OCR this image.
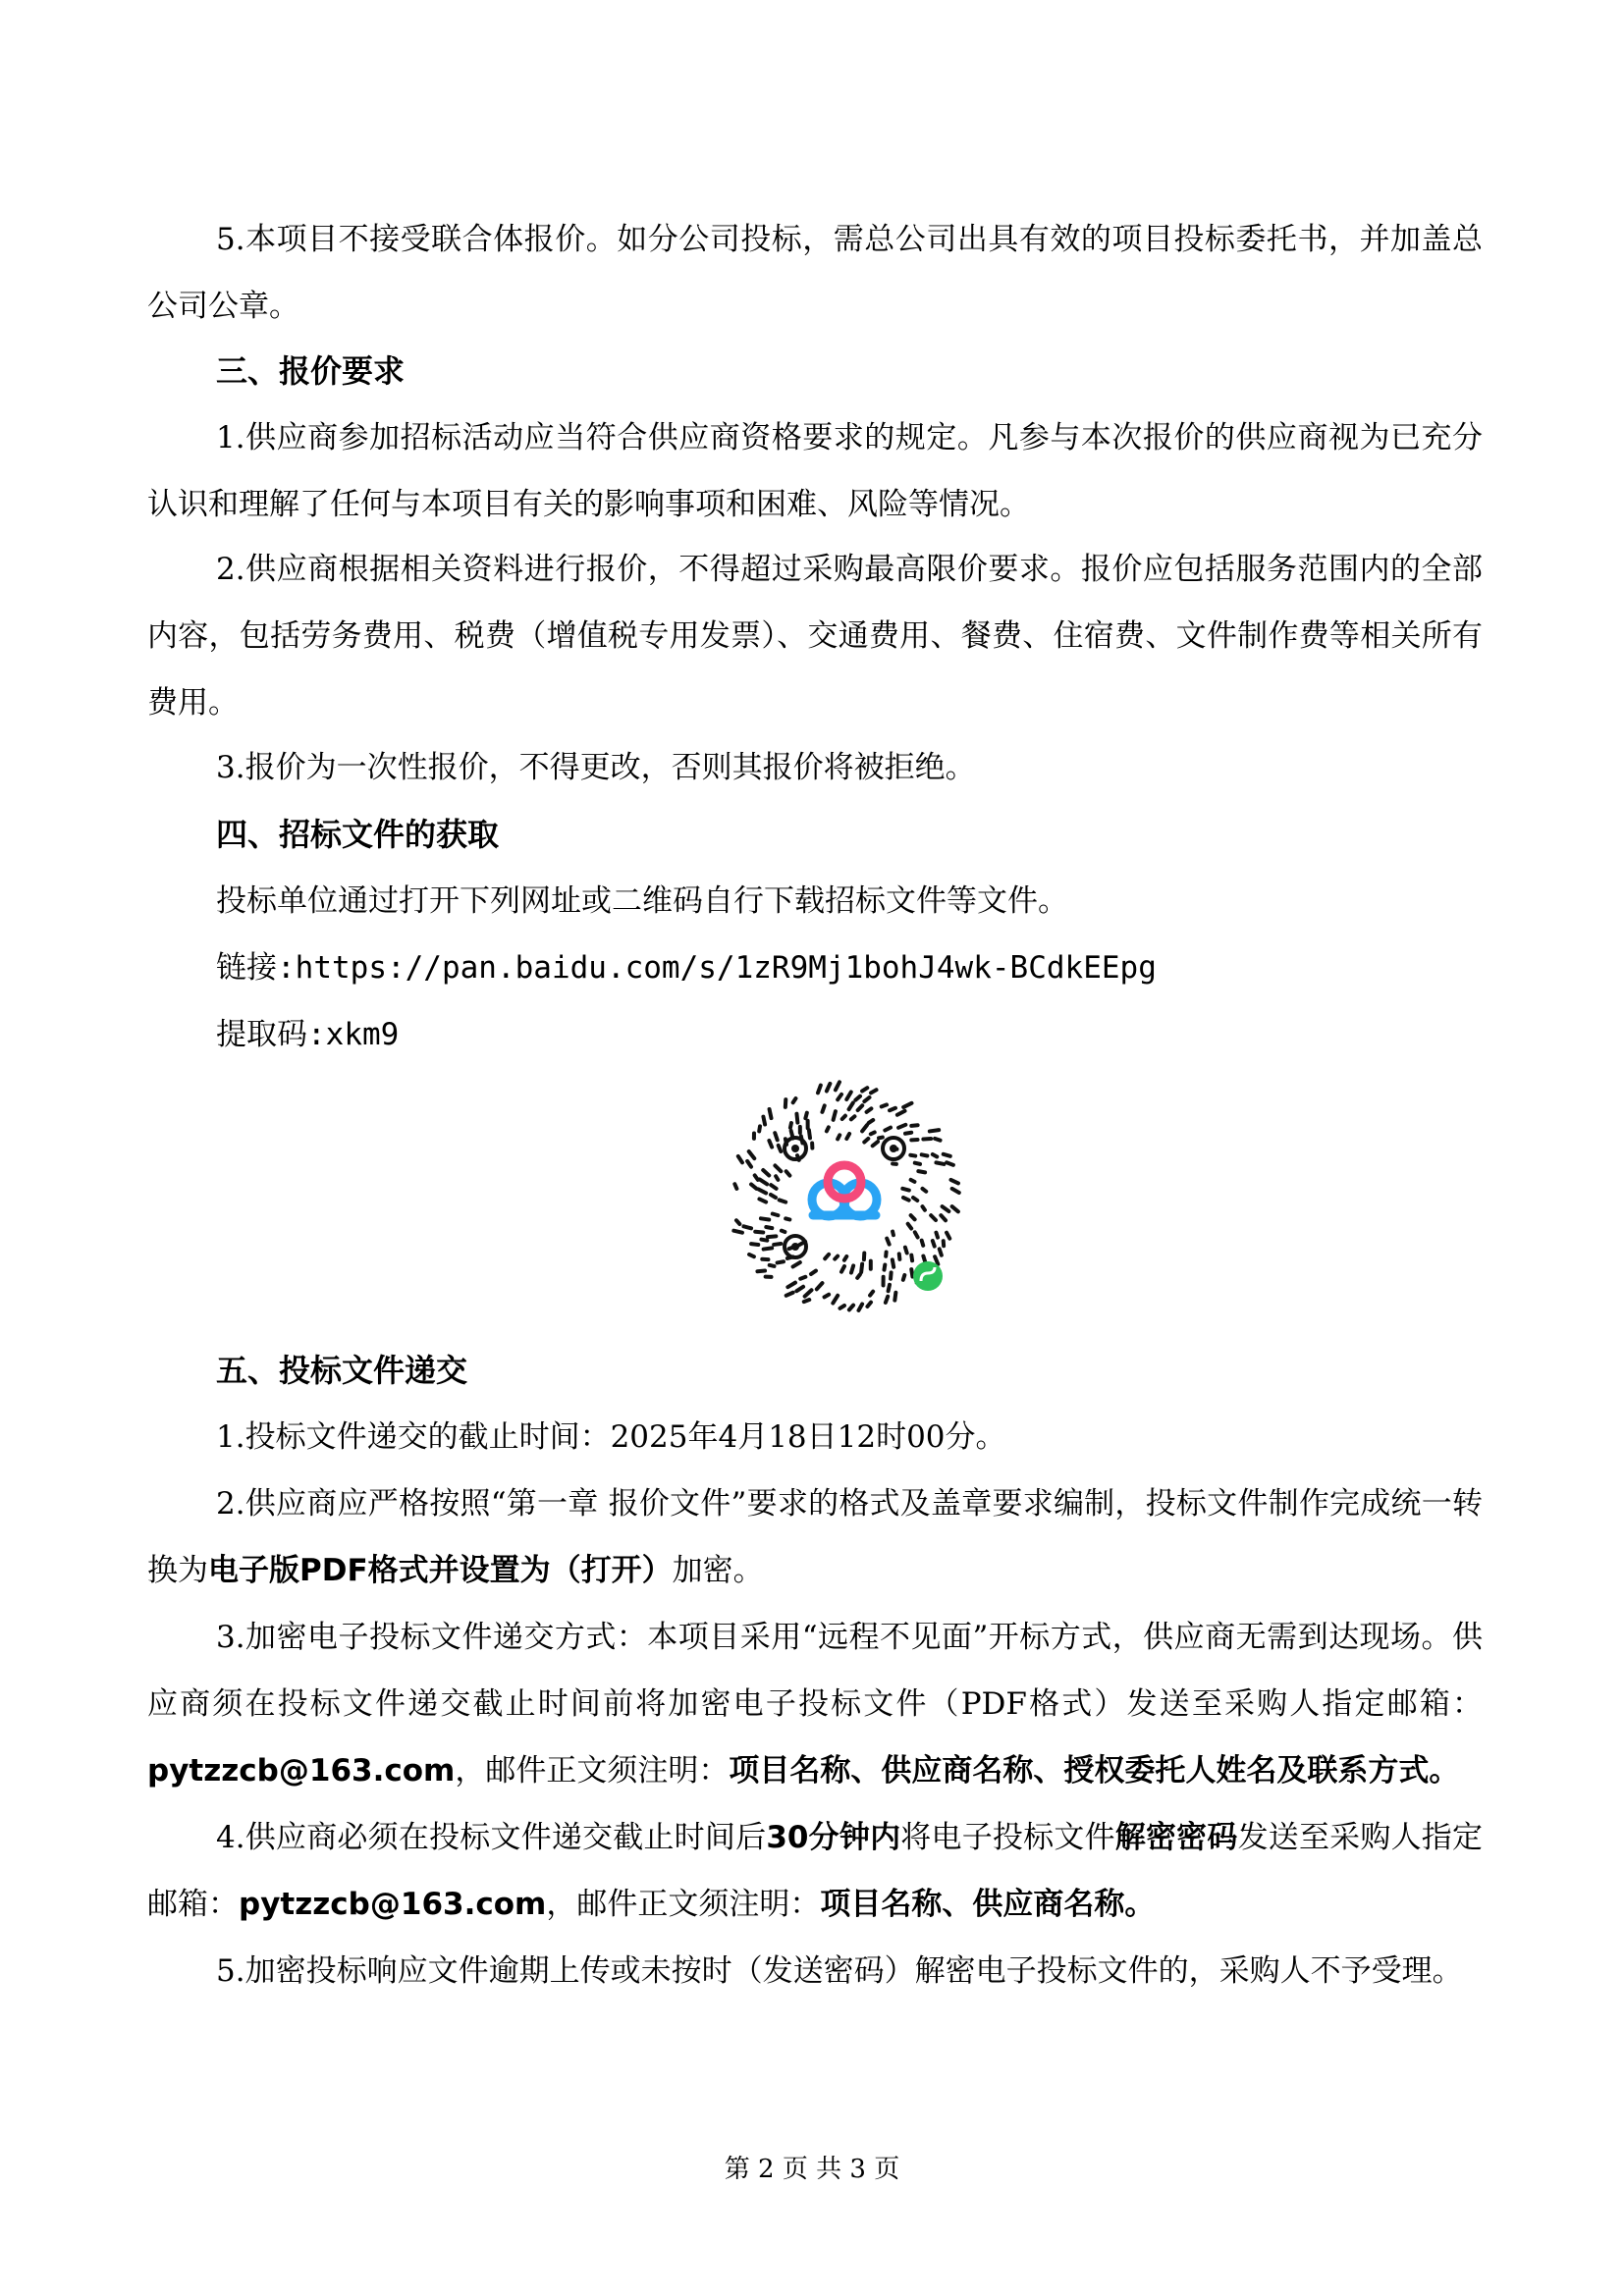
5.本项目不接受联合体报价。如分公司投标，需总公司出具有效的项目投标委托书，并加盖总公司公章。

三、报价要求

1.供应商参加招标活动应当符合供应商资格要求的规定。凡参与本次报价的供应商视为已充分认识和理解了任何与本项目有关的影响事项和困难、风险等情况。

2.供应商根据相关资料进行报价，不得超过采购最高限价要求。报价应包括服务范围内的全部内容，包括劳务费用、税费（增值税专用发票）、交通费用、餐费、住宿费、文件制作费等相关所有费用。

3.报价为一次性报价，不得更改，否则其报价将被拒绝。

四、招标文件的获取

投标单位通过打开下列网址或二维码自行下载招标文件等文件。

链接:https://pan.baidu.com/s/1zR9Mj1bohJ4wk-BCdkEEpg

提取码:xkm9

五、投标文件递交

1.投标文件递交的截止时间：2025年4月18日12时00分。

2.供应商应严格按照“第一章 报价文件”要求的格式及盖章要求编制，投标文件制作完成统一转换为电子版PDF格式并设置为（打开）加密。

3.加密电子投标文件递交方式：本项目采用“远程不见面”开标方式，供应商无需到达现场。供应商须在投标文件递交截止时间前将加密电子投标文件（PDF格式）发送至采购人指定邮箱：pytzzcb@163.com，邮件正文须注明：项目名称、供应商名称、授权委托人姓名及联系方式。

4.供应商必须在投标文件递交截止时间后30分钟内将电子投标文件解密密码发送至采购人指定邮箱：pytzzcb@163.com，邮件正文须注明：项目名称、供应商名称。

5.加密投标响应文件逾期上传或未按时（发送密码）解密电子投标文件的，采购人不予受理。

第 2 页 共 3 页
